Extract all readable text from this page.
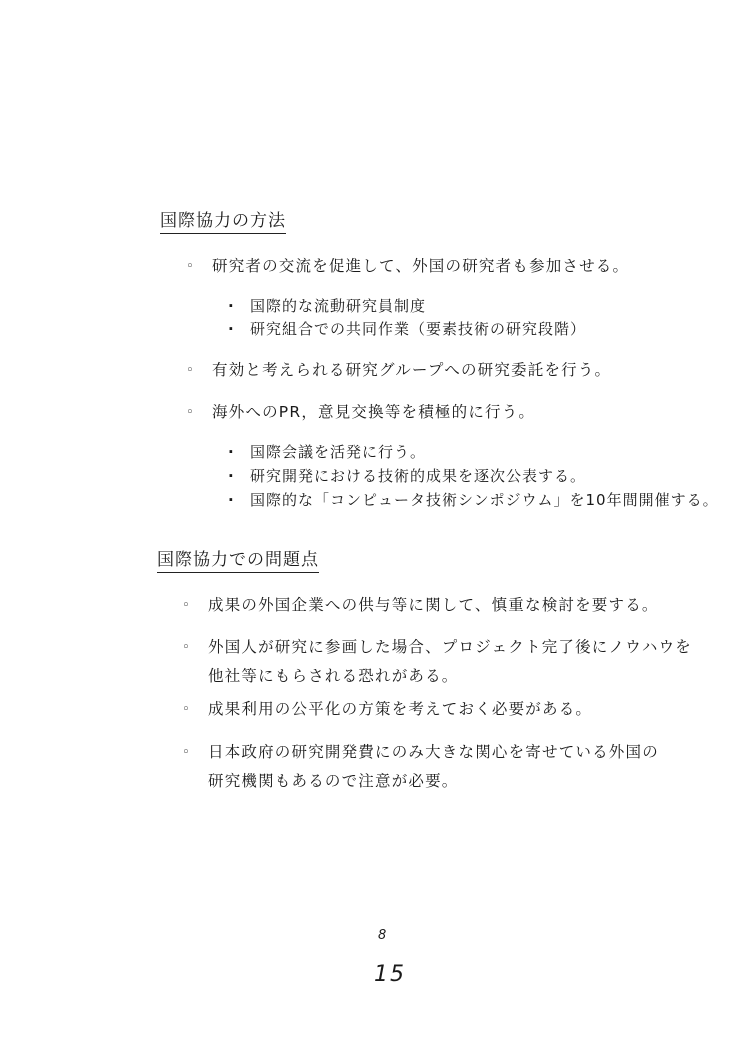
国際協力の方法
◦	研究者の交流を促進して、外国の研究者も参加させる。
·	国際的な流動研究員制度
·	研究組合での共同作業（要素技術の研究段階）
◦	有効と考えられる研究グループへの研究委託を行う。
◦	海外へのPR，意見交換等を積極的に行う。
·	国際会議を活発に行う。
·	研究開発における技術的成果を逐次公表する。
·	国際的な「コンピュータ技術シンポジウム」を10年間開催する。
国際協力での問題点
◦	成果の外国企業への供与等に関して、慎重な検討を要する。
◦	外国人が研究に参画した場合、プロジェクト完了後にノウハウを
他社等にもらされる恐れがある。
◦	成果利用の公平化の方策を考えておく必要がある。
◦	日本政府の研究開発費にのみ大きな関心を寄せている外国の
研究機関もあるので注意が必要。
8
15
